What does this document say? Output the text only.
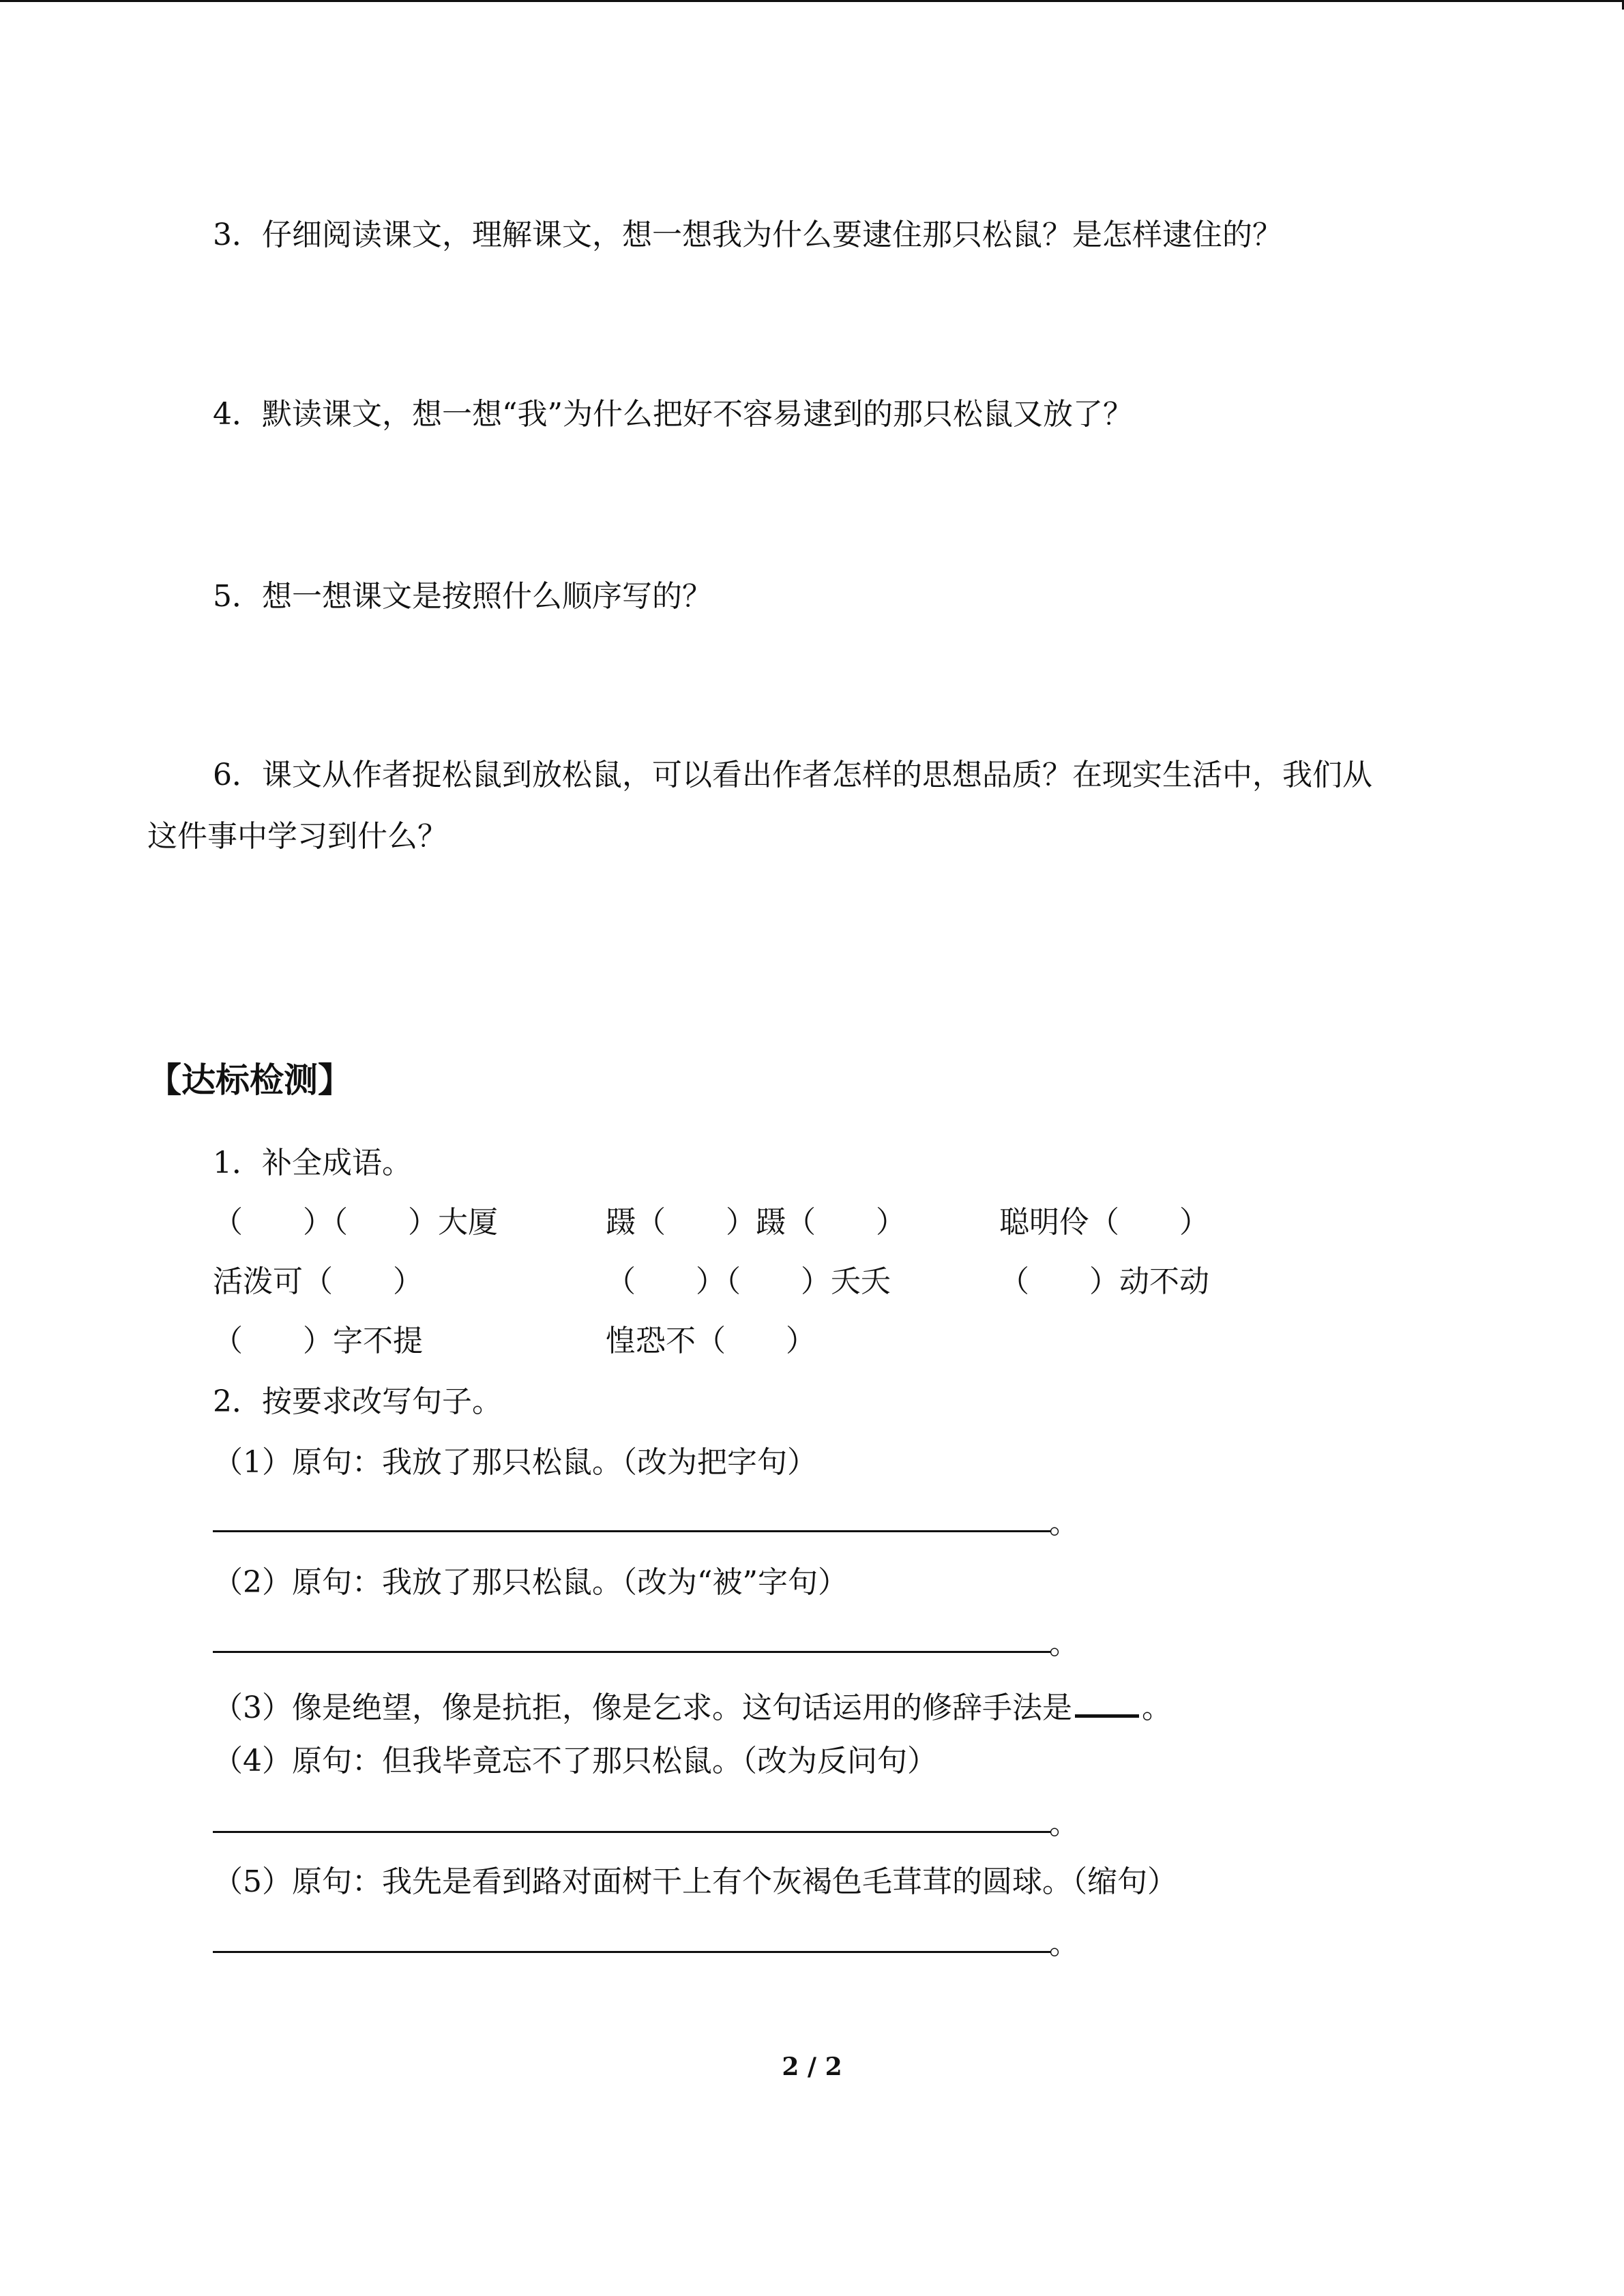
3．仔细阅读课文，理解课文，想一想我为什么要逮住那只松鼠？是怎样逮住的？
4．默读课文，想一想“我”为什么把好不容易逮到的那只松鼠又放了？
5．想一想课文是按照什么顺序写的？
6．课文从作者捉松鼠到放松鼠，可以看出作者怎样的思想品质？在现实生活中，我们从
这件事中学习到什么？
【达标检测】
1．补全成语。
（　　）（　　）大厦	蹑（　　）蹑（　　）	聪明伶（　　）
活泼可（　　）	（　　）（　　）夭夭	（　　）动不动
（　　）字不提	惶恐不（　　）
2．按要求改写句子。
（1）原句：我放了那只松鼠。（改为把字句）
。
（2）原句：我放了那只松鼠。（改为“被”字句）
。
（3）像是绝望，像是抗拒，像是乞求。这句话运用的修辞手法是 。
（4）原句：但我毕竟忘不了那只松鼠。（改为反问句）
。
（5）原句：我先是看到路对面树干上有个灰褐色毛茸茸的圆球。（缩句）
。
2 / 2
